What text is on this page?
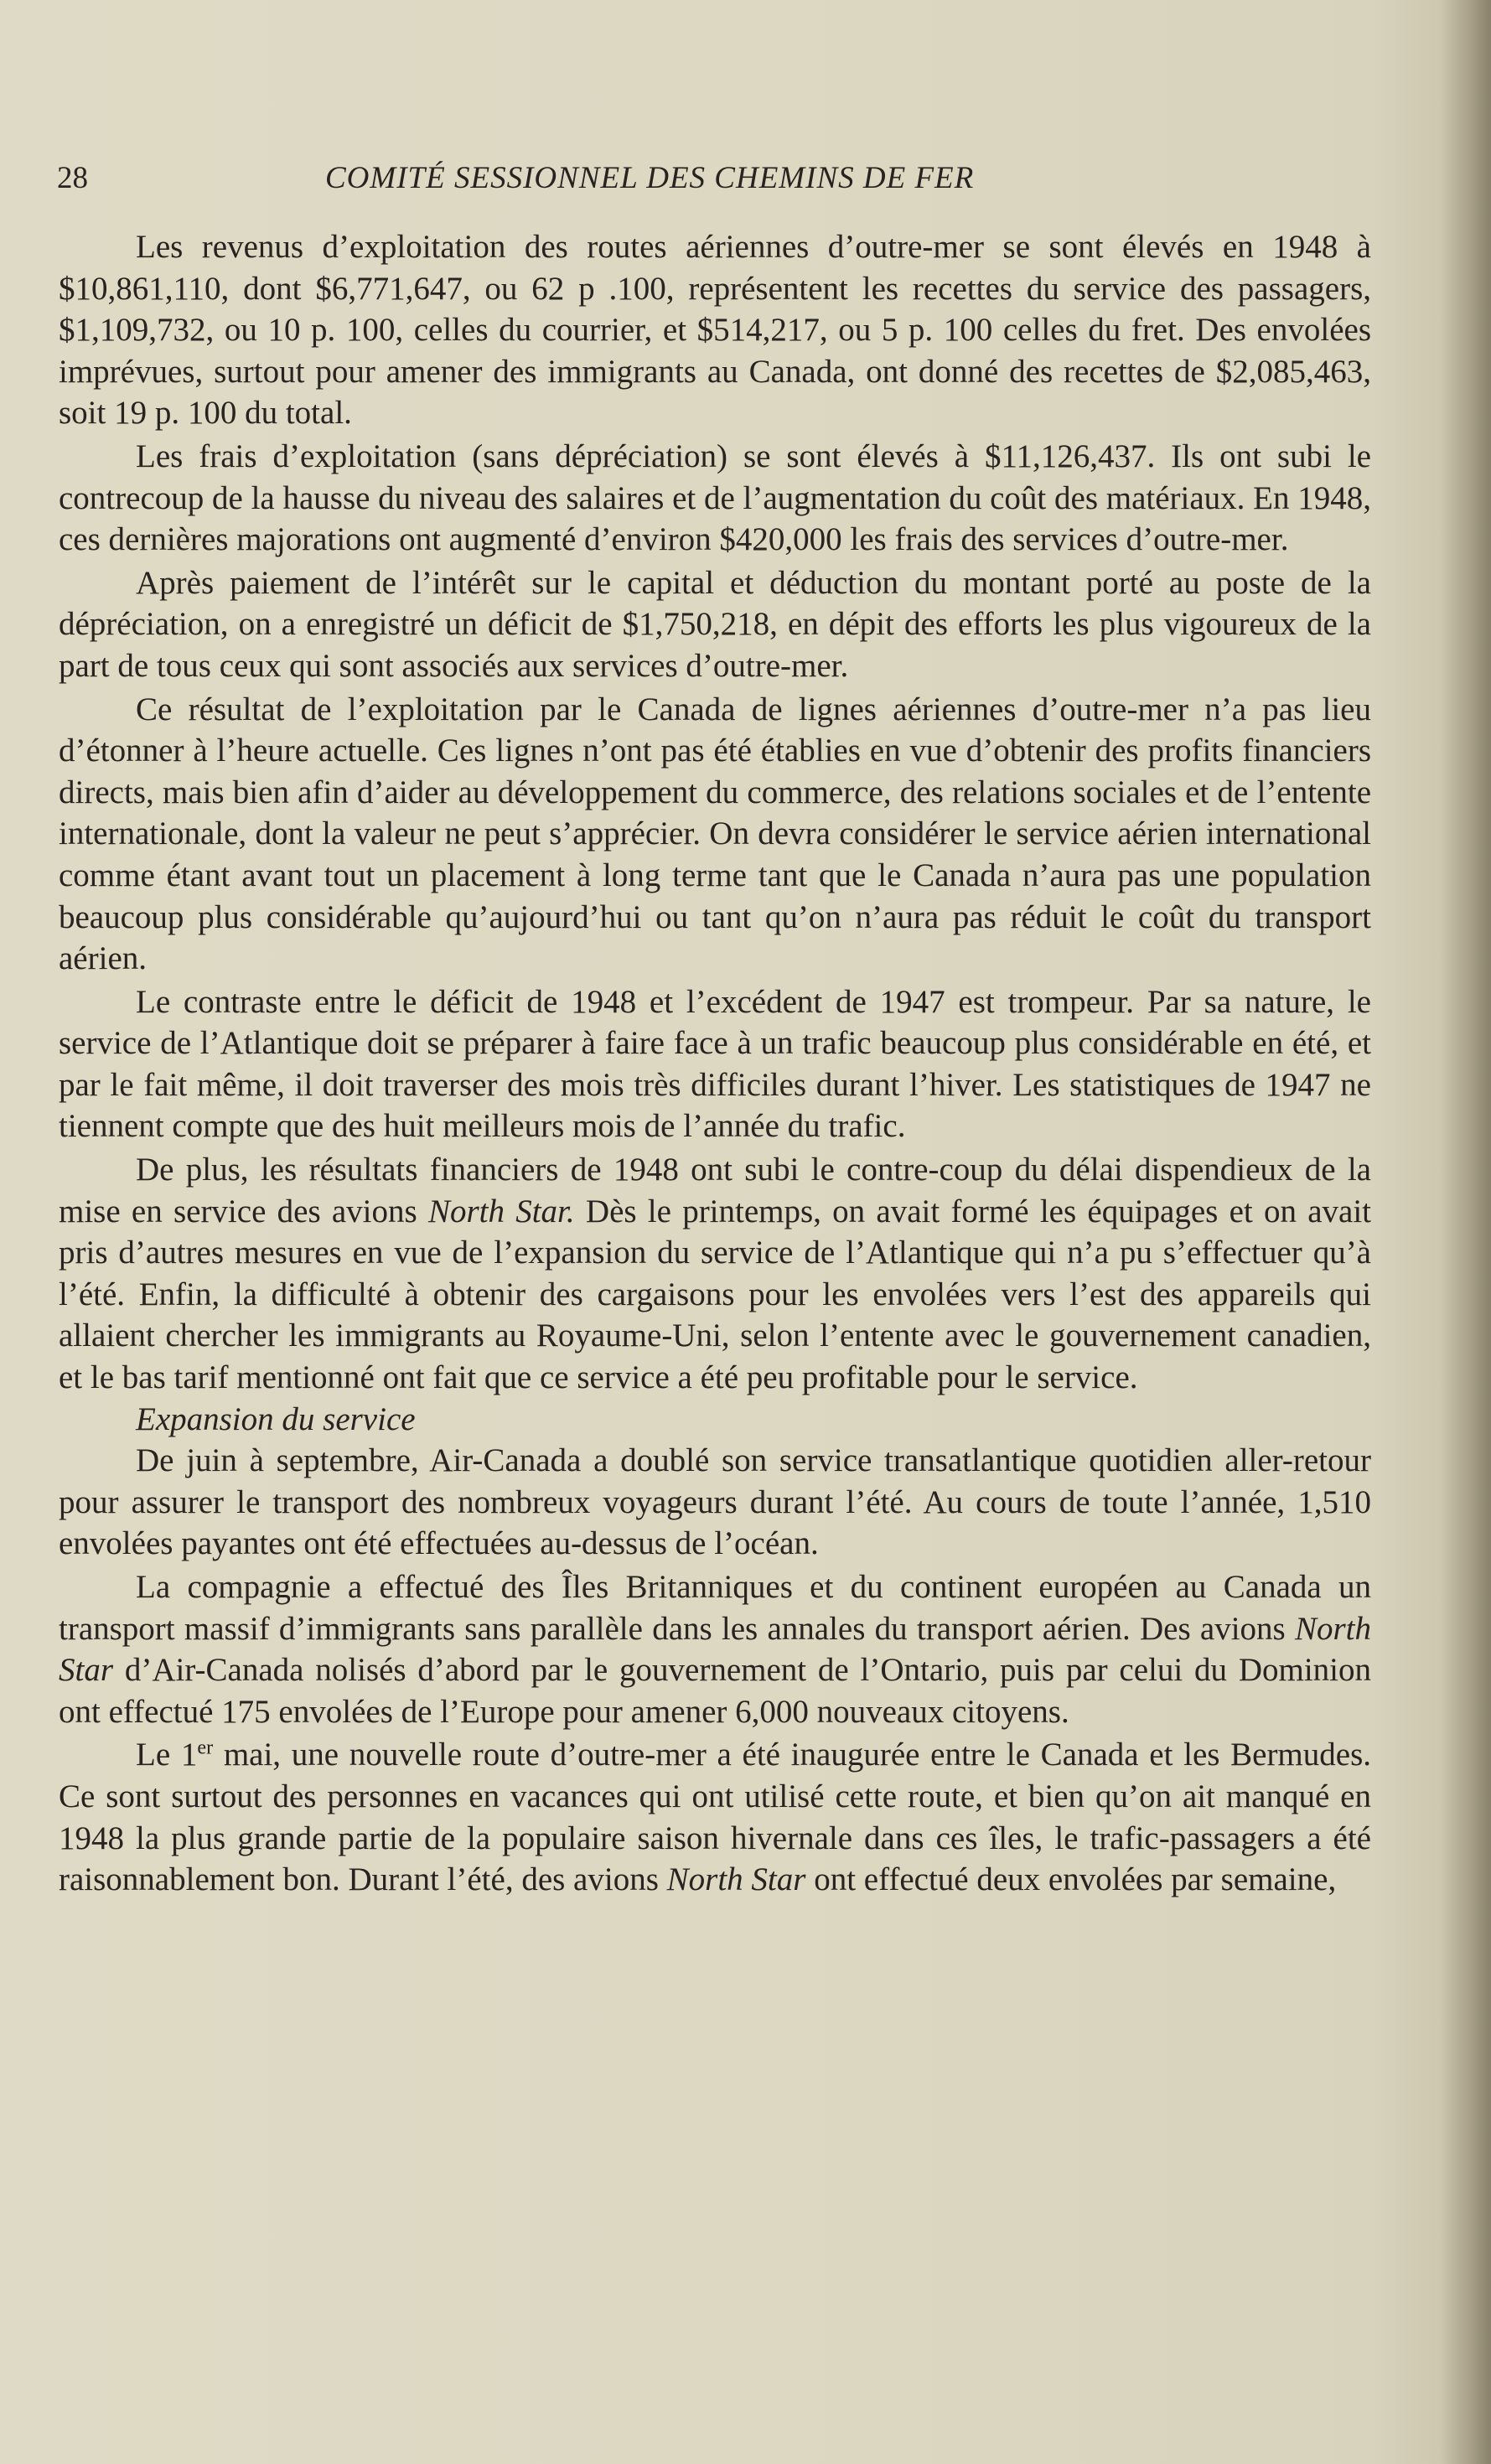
28	COMITÉ SESSIONNEL DES CHEMINS DE FER

Les revenus d’exploitation des routes aériennes d’outre-mer se sont élevés en 1948 à $10,861,110, dont $6,771,647, ou 62 p .100, représentent les recettes du service des passagers, $1,109,732, ou 10 p. 100, celles du courrier, et $514,217, ou 5 p. 100 celles du fret. Des envolées imprévues, surtout pour amener des immigrants au Canada, ont donné des recettes de $2,085,463, soit 19 p. 100 du total.

Les frais d’exploitation (sans dépréciation) se sont élevés à $11,126,437. Ils ont subi le contrecoup de la hausse du niveau des salaires et de l’augmentation du coût des matériaux. En 1948, ces dernières majorations ont augmenté d’environ $420,000 les frais des services d’outre-mer.

Après paiement de l’intérêt sur le capital et déduction du montant porté au poste de la dépréciation, on a enregistré un déficit de $1,750,218, en dépit des efforts les plus vigoureux de la part de tous ceux qui sont associés aux services d’outre-mer.

Ce résultat de l’exploitation par le Canada de lignes aériennes d’outre-mer n’a pas lieu d’étonner à l’heure actuelle. Ces lignes n’ont pas été établies en vue d’obtenir des profits financiers directs, mais bien afin d’aider au développement du commerce, des relations sociales et de l’entente internationale, dont la valeur ne peut s’apprécier. On devra considérer le service aérien international comme étant avant tout un placement à long terme tant que le Canada n’aura pas une population beaucoup plus considérable qu’aujourd’hui ou tant qu’on n’aura pas réduit le coût du transport aérien.

Le contraste entre le déficit de 1948 et l’excédent de 1947 est trompeur. Par sa nature, le service de l’Atlantique doit se préparer à faire face à un trafic beaucoup plus considérable en été, et par le fait même, il doit traverser des mois très difficiles durant l’hiver. Les statistiques de 1947 ne tiennent compte que des huit meilleurs mois de l’année du trafic.

De plus, les résultats financiers de 1948 ont subi le contre-coup du délai dispendieux de la mise en service des avions North Star. Dès le printemps, on avait formé les équipages et on avait pris d’autres mesures en vue de l’expansion du service de l’Atlantique qui n’a pu s’effectuer qu’à l’été. Enfin, la difficulté à obtenir des cargaisons pour les envolées vers l’est des appareils qui allaient chercher les immigrants au Royaume-Uni, selon l’entente avec le gouvernement canadien, et le bas tarif mentionné ont fait que ce service a été peu profitable pour le service.

Expansion du service

De juin à septembre, Air-Canada a doublé son service transatlantique quotidien aller-retour pour assurer le transport des nombreux voyageurs durant l’été. Au cours de toute l’année, 1,510 envolées payantes ont été effectuées au-dessus de l’océan.

La compagnie a effectué des Îles Britanniques et du continent européen au Canada un transport massif d’immigrants sans parallèle dans les annales du transport aérien. Des avions North Star d’Air-Canada nolisés d’abord par le gouvernement de l’Ontario, puis par celui du Dominion ont effectué 175 envolées de l’Europe pour amener 6,000 nouveaux citoyens.

Le 1er mai, une nouvelle route d’outre-mer a été inaugurée entre le Canada et les Bermudes. Ce sont surtout des personnes en vacances qui ont utilisé cette route, et bien qu’on ait manqué en 1948 la plus grande partie de la populaire saison hivernale dans ces îles, le trafic-passagers a été raisonnablement bon. Durant l’été, des avions North Star ont effectué deux envolées par semaine,
